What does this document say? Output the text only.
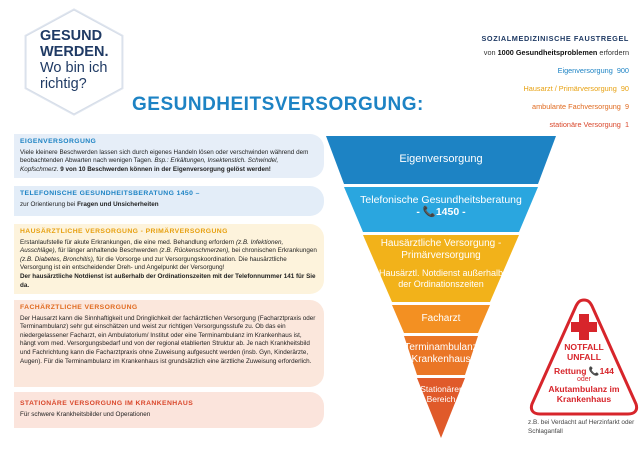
GESUND
WERDEN.
Wo bin ich
richtig?
GESUNDHEITSVERSORGUNG:
SOZIALMEDIZINISCHE FAUSTREGEL
von 1000 Gesundheitsproblemen erfordern
Eigenversorgung 900
Hausarzt / Primärversorgung 90
ambulante Fachversorgung 9
stationäre Versorgung 1
EIGENVERSORGUNG
Viele kleinere Beschwerden lassen sich durch eigenes Handeln lösen oder verschwinden während dem beobachtenden Abwarten nach wenigen Tagen. Bsp.: Erkältungen, Insektenstich. Schwindel, Kopfschmerz. 9 von 10 Beschwerden können in der Eigenversorgung gelöst werden!
TELEFONISCHE GESUNDHEITSBERATUNG 1450 –
zur Orientierung bei Fragen und Unsicherheiten
HAUSÄRZTLICHE VERSORGUNG - PRIMÄRVERSORGUNG
Erstanlaufstelle für akute Erkrankungen, die eine med. Behandlung erfordern (z.B. Infektionen, Ausschläge), für länger anhaltende Beschwerden (z.B. Rückenschmerzen), bei chronischen Erkrankungen (z.B. Diabetes, Bronchitis), für die Vorsorge und zur Versorgungskoordination. Die hausärztliche Versorgung ist ein entscheidender Dreh- und Angelpunkt der Versorgung!
Der hausärztliche Notdienst ist außerhalb der Ordinationszeiten mit der Telefonnummer 141 für Sie da.
FACHÄRZTLICHE VERSORGUNG
Der Hausarzt kann die Sinnhaftigkeit und Dringlichkeit der fachärztlichen Versorgung (Facharztpraxis oder Terminambulanz) sehr gut einschätzen und weist zur richtigen Versorgungsstufe zu. Ob das ein niedergelassener Facharzt, ein Ambulatorium/ Institut oder eine Terminambulanz im Krankenhaus ist, hängt vom med. Versorgungsbedarf und von der regional etablierten Struktur ab. Je nach Krankheitsbild und Fachrichtung kann die Facharztpraxis ohne Zuweisung aufgesucht werden (insb. Gyn, Kinderärzte, Augen). Für die Terminambulanz im Krankenhaus ist grundsätzlich eine ärztliche Zuweisung erforderlich.
STATIONÄRE VERSORGUNG IM KRANKENHAUS
Für schwere Krankheitsbilder und Operationen
Eigenversorgung
Telefonische Gesundheitsberatung
- 📞1450 -
Hausärztliche Versorgung -
Primärversorgung
Hausärztl. Notdienst außerhalb
der Ordinationszeiten
Facharzt
Terminambulanz
Krankenhaus
Stationärer
Bereich
NOTFALL
UNFALL
Rettung 📞144
oder
Akutambulanz im
Krankenhaus
z.B. bei Verdacht auf Herzinfarkt oder Schlaganfall
